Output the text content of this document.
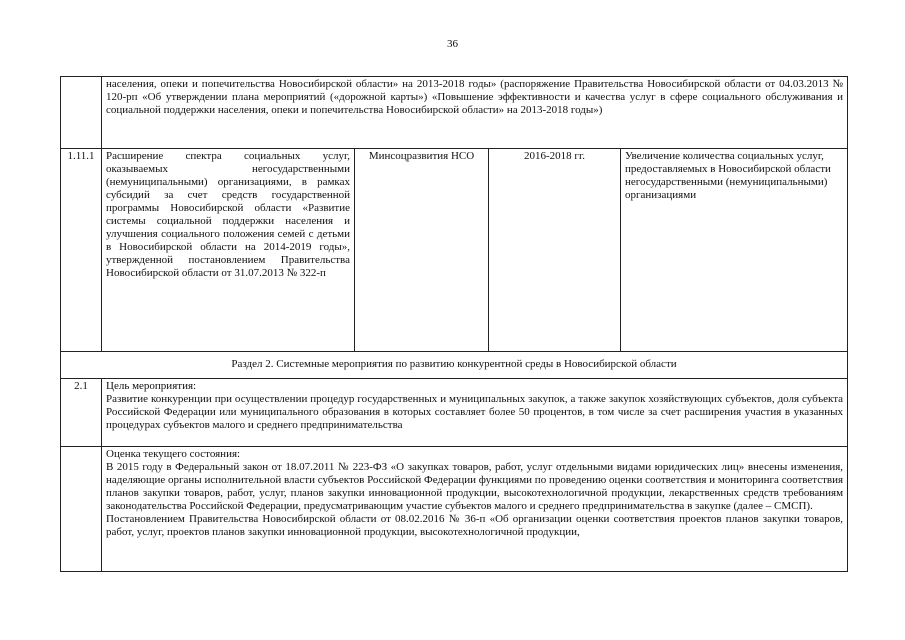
36
	населения, опеки и попечительства Новосибирской области» на 2013-2018 годы» (распоряжение Правительства Новосибирской области от 04.03.2013 № 120-рп «Об утверждении плана мероприятий («дорожной карты») «Повышение эффективности и качества услуг в сфере социального обслуживания и социальной поддержки населения, опеки и попечительства Новосибирской области» на 2013-2018 годы»)			
1.11.1	Расширение спектра социальных услуг, оказываемых негосударственными (немуниципальными) организациями, в рамках субсидий за счет средств государственной программы Новосибирской области «Развитие системы социальной поддержки населения и улучшения социального положения семей с детьми в Новосибирской области на 2014-2019 годы», утвержденной постановлением Правительства Новосибирской области от 31.07.2013 № 322-п	Минсоцразвития НСО	2016-2018 гг.	Увеличение количества социальных услуг, предоставляемых в Новосибирской области негосударственными (немуниципальными) организациями
Раздел 2. Системные мероприятия по развитию конкурентной среды в Новосибирской области				
2.1	Цель мероприятия:

Развитие конкуренции при осуществлении процедур государственных и муниципальных закупок, а также закупок хозяйствующих субъектов, доля субъекта Российской Федерации или муниципального образования в которых составляет более 50 процентов, в том числе за счет расширения участия в указанных процедурах субъектов малого и среднего предпринимательства			

	Оценка текущего состояния:

В 2015 году в Федеральный закон от 18.07.2011 № 223-ФЗ «О закупках товаров, работ, услуг отдельными видами юридических лиц» внесены изменения, наделяющие органы исполнительной власти субъектов Российской Федерации функциями по проведению оценки соответствия и мониторинга соответствия планов закупки товаров, работ, услуг, планов закупки инновационной продукции, высокотехнологичной продукции, лекарственных средств требованиям законодательства Российской Федерации, предусматривающим участие субъектов малого и среднего предпринимательства в закупке (далее – СМСП).

Постановлением Правительства Новосибирской области от 08.02.2016 № 36-п «Об организации оценки соответствия проектов планов закупки товаров, работ, услуг, проектов планов закупки инновационной продукции, высокотехнологичной продукции,			
